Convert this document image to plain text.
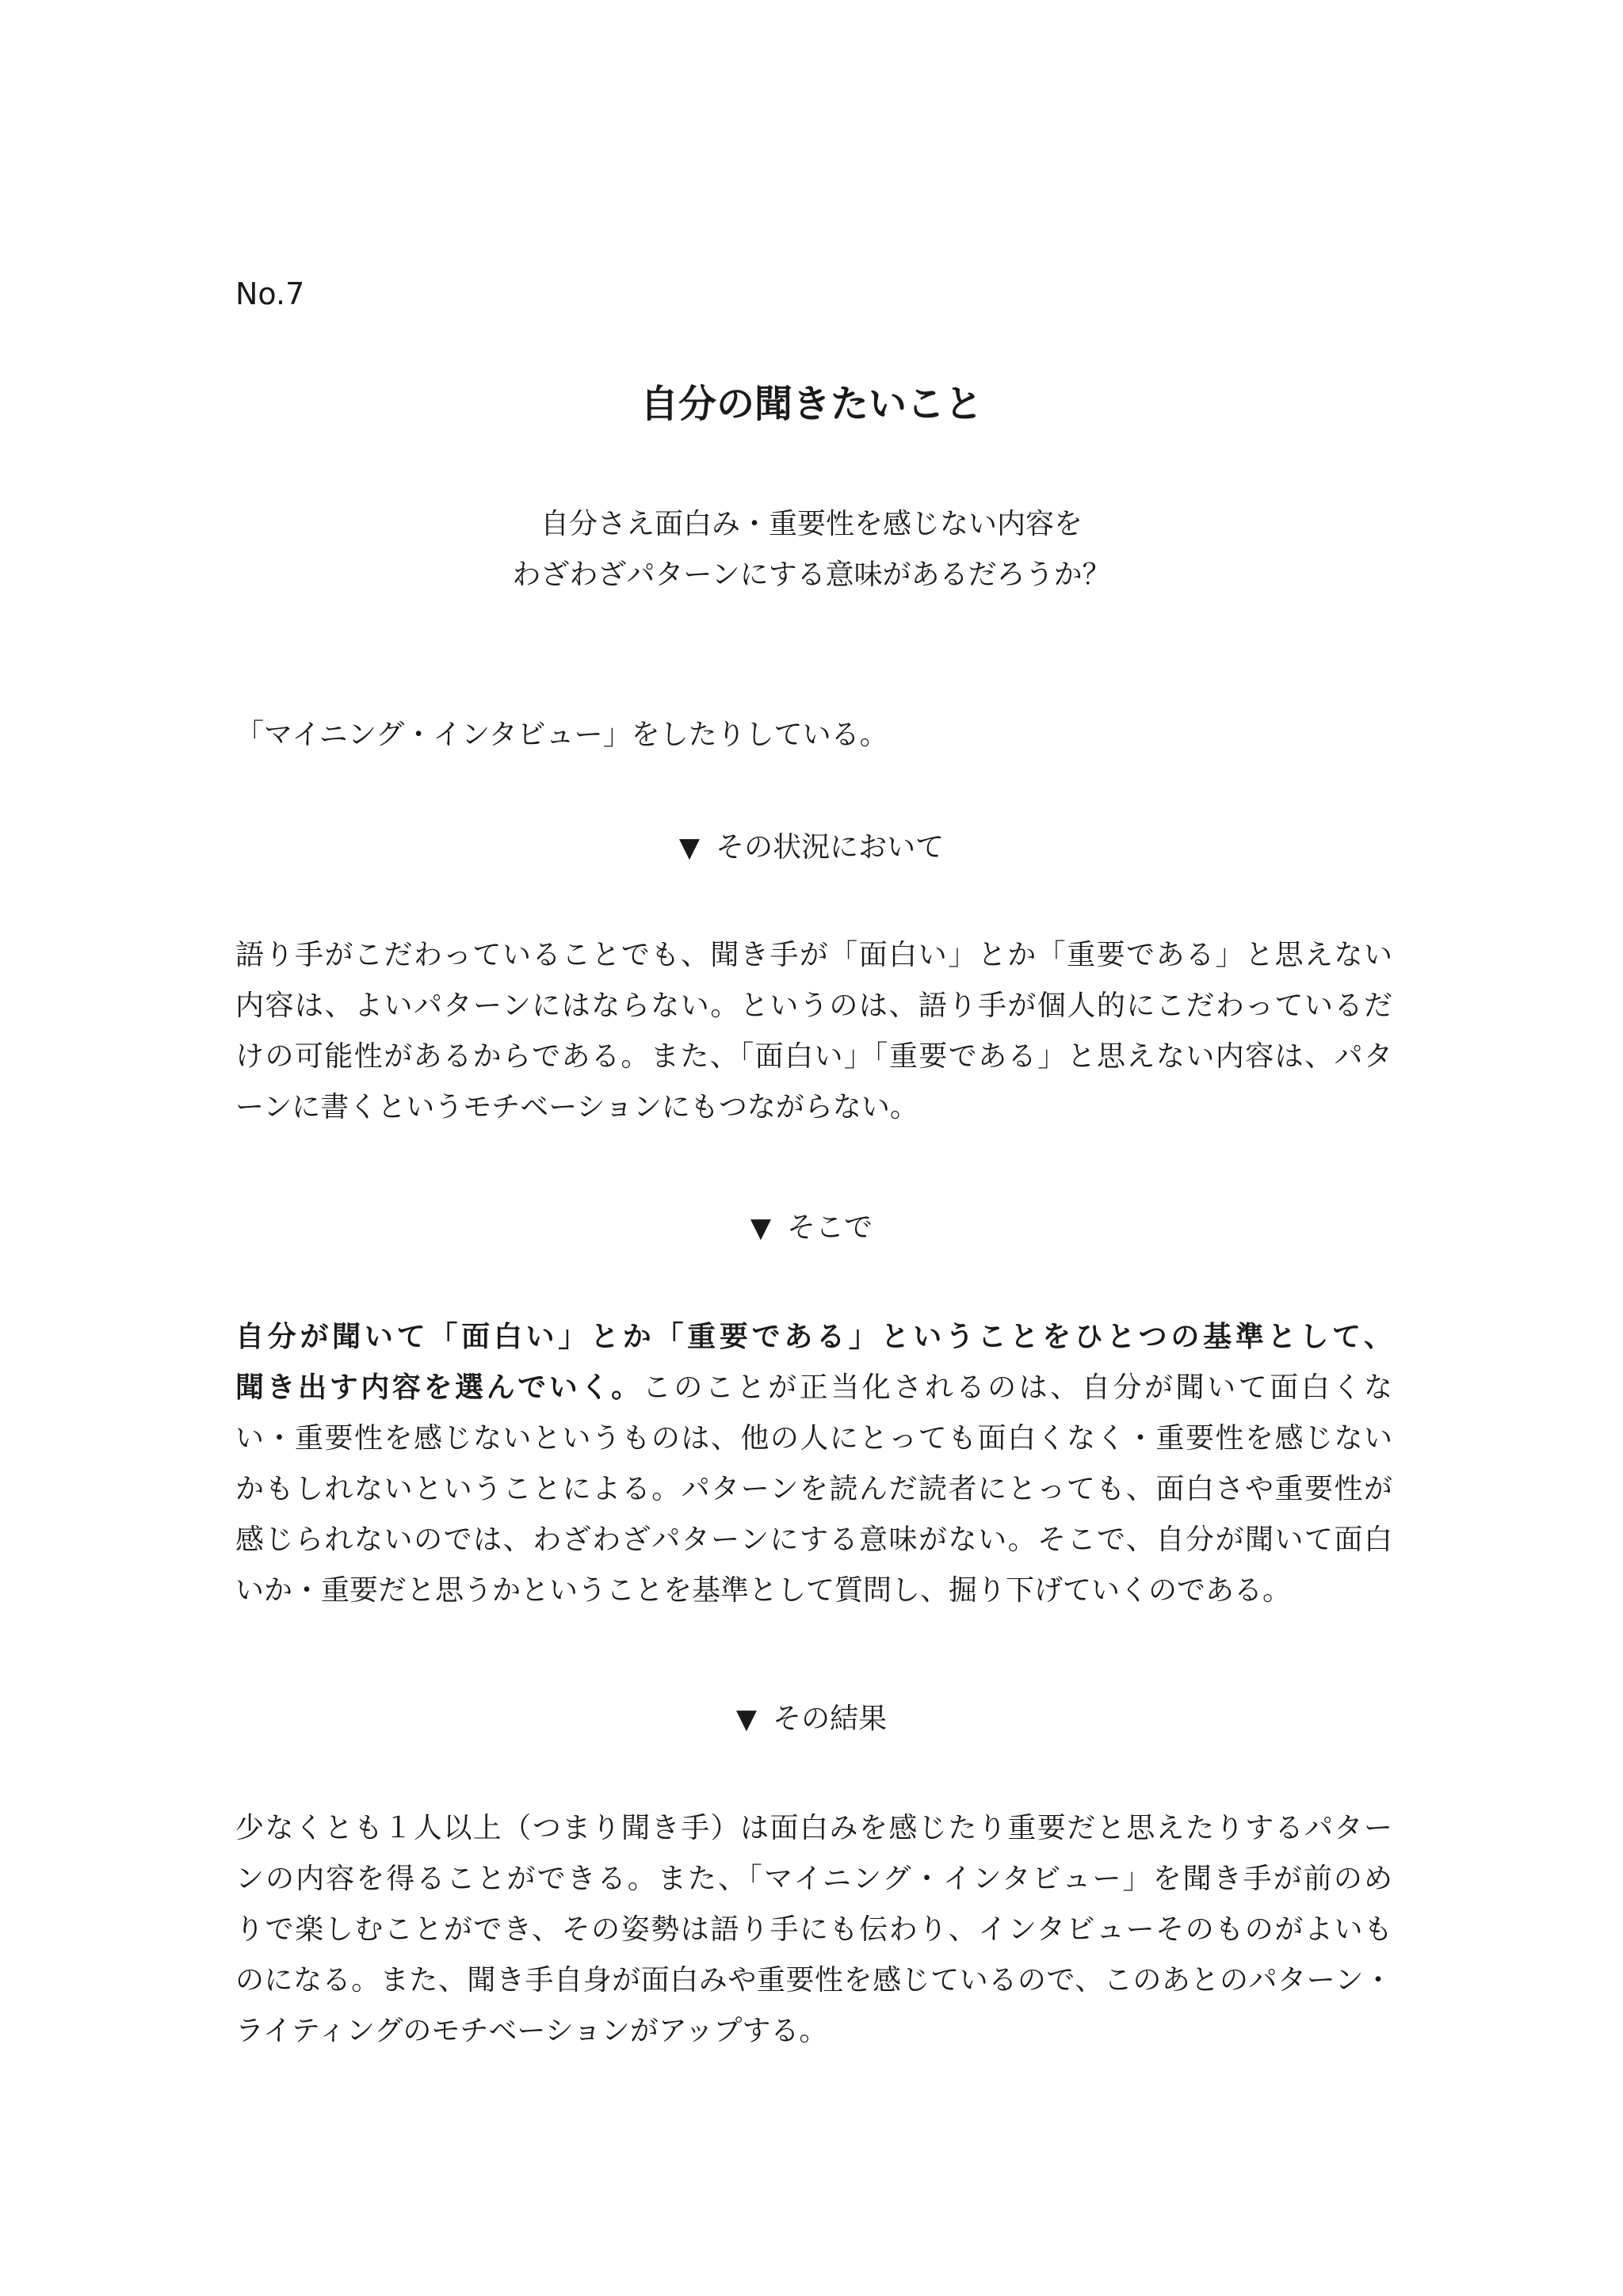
No.7
自分の聞きたいこと
自分さえ面白み・重要性を感じない内容を
わざわざパターンにする意味があるだろうか？
「マイニング・インタビュー」をしたりしている。
▼ その状況において
語り手がこだわっていることでも、聞き手が「面白い」とか「重要である」と思えない
内容は、よいパターンにはならない。というのは、語り手が個人的にこだわっているだ
けの可能性があるからである。また、「面白い」「重要である」と思えない内容は、パタ
ーンに書くというモチベーションにもつながらない。
▼ そこで
自分が聞いて「面白い」とか「重要である」ということをひとつの基準として、
聞き出す内容を選んでいく。このことが正当化されるのは、自分が聞いて面白くな
い・重要性を感じないというものは、他の人にとっても面白くなく・重要性を感じない
かもしれないということによる。パターンを読んだ読者にとっても、面白さや重要性が
感じられないのでは、わざわざパターンにする意味がない。そこで、自分が聞いて面白
いか・重要だと思うかということを基準として質問し、掘り下げていくのである。
▼ その結果
少なくとも１人以上（つまり聞き手）は面白みを感じたり重要だと思えたりするパター
ンの内容を得ることができる。また、「マイニング・インタビュー」を聞き手が前のめ
りで楽しむことができ、その姿勢は語り手にも伝わり、インタビューそのものがよいも
のになる。また、聞き手自身が面白みや重要性を感じているので、このあとのパターン・
ライティングのモチベーションがアップする。
